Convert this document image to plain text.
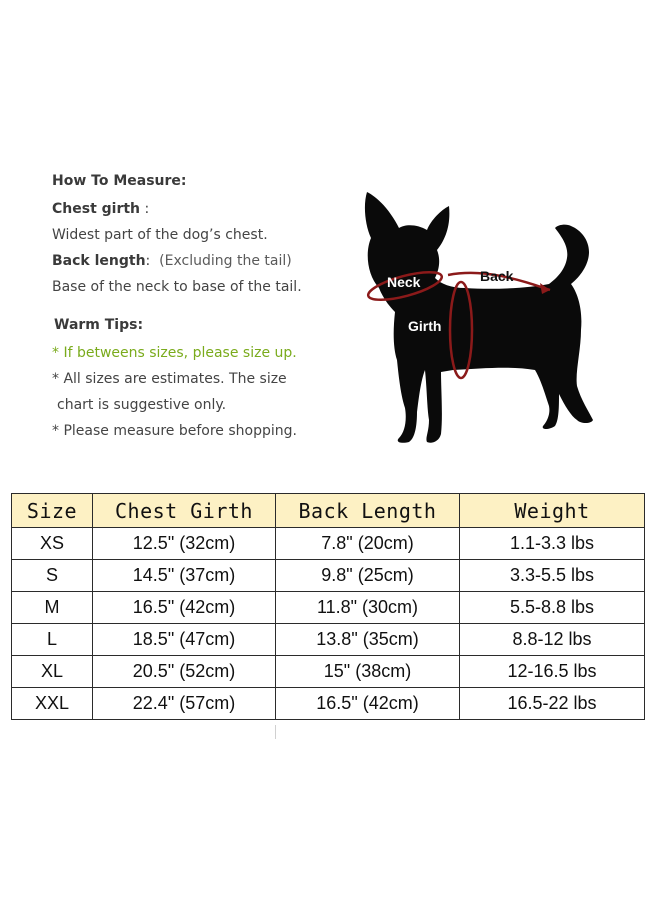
How To Measure:
Chest girth :
Widest part of the dog’s chest.
Back length: (Excluding the tail)
Base of the neck to base of the tail.
Warm Tips:
* If betweens sizes, please size up.
* All sizes are estimates. The size
chart is suggestive only.
* Please measure before shopping.
Neck	Back
Girth
Size	Chest Girth	Back Length	Weight
XS	12.5" (32cm)	7.8" (20cm)	1.1-3.3 lbs
S	14.5" (37cm)	9.8" (25cm)	3.3-5.5 lbs
M	16.5" (42cm)	11.8" (30cm)	5.5-8.8 lbs
L	18.5" (47cm)	13.8" (35cm)	8.8-12 lbs
XL	20.5" (52cm)	15" (38cm)	12-16.5 lbs
XXL	22.4" (57cm)	16.5" (42cm)	16.5-22 lbs
